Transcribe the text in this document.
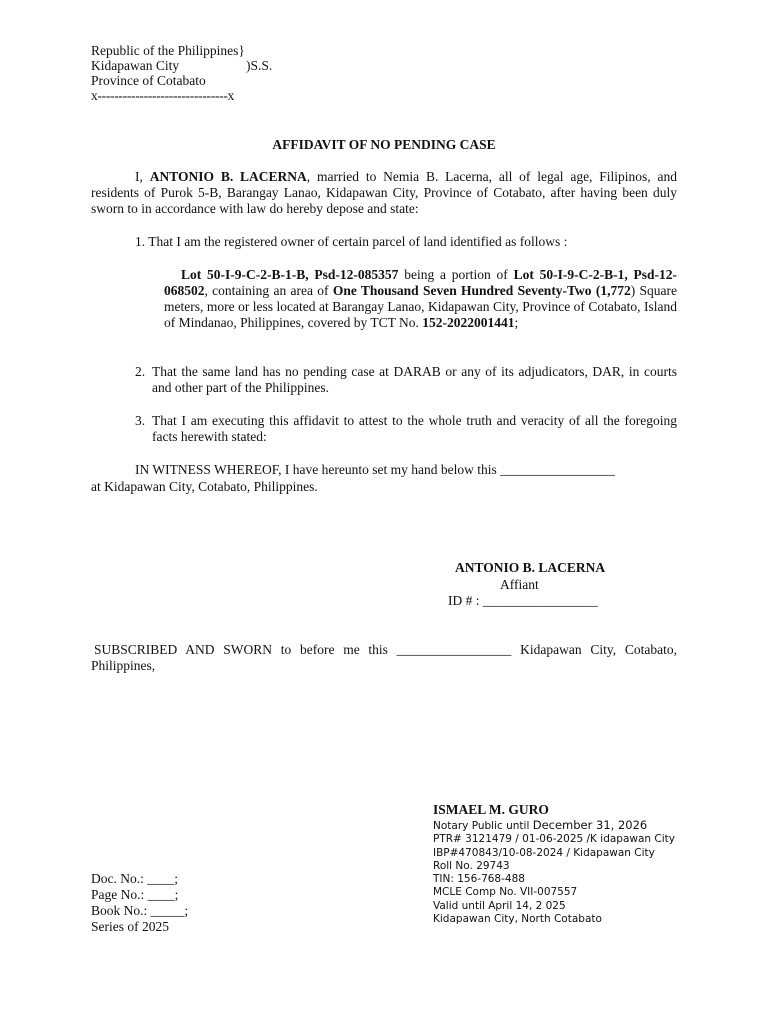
Republic of the Philippines}
Kidapawan City	)S.S.
Province of Cotabato
x-------------------------------x
AFFIDAVIT OF NO PENDING CASE
I, ANTONIO B. LACERNA, married to Nemia B. Lacerna, all of legal age, Filipinos, and residents of Purok 5-B, Barangay Lanao, Kidapawan City, Province of Cotabato, after having been duly sworn to in accordance with law do hereby depose and state:
1. That I am the registered owner of certain parcel of land identified as follows :
Lot 50-I-9-C-2-B-1-B, Psd-12-085357 being a portion of Lot 50-I-9-C-2-B-1, Psd-12-068502, containing an area of One Thousand Seven Hundred Seventy-Two (1,772) Square meters, more or less located at Barangay Lanao, Kidapawan City, Province of Cotabato, Island of Mindanao, Philippines, covered by TCT No. 152-2022001441;
2. That the same land has no pending case at DARAB or any of its adjudicators, DAR, in courts and other part of the Philippines.
3. That I am executing this affidavit to attest to the whole truth and veracity of all the foregoing facts herewith stated:
IN WITNESS WHEREOF, I have hereunto set my hand below this _________________
at Kidapawan City, Cotabato, Philippines.
ANTONIO B. LACERNA
Affiant
ID # : _________________
SUBSCRIBED AND SWORN to before me this _________________ Kidapawan City, Cotabato, Philippines,
ISMAEL M. GURO
Notary Public until December 31, 2026
PTR# 3121479 / 01-06-2025 /K idapawan City
IBP#470843/10-08-2024 / Kidapawan City
Roll No. 29743
TIN: 156-768-488
MCLE Comp No. VII-007557
Valid until April 14, 2 025
Kidapawan City, North Cotabato
Doc. No.: ____;
Page No.: ____;
Book No.: _____;
Series of 2025
